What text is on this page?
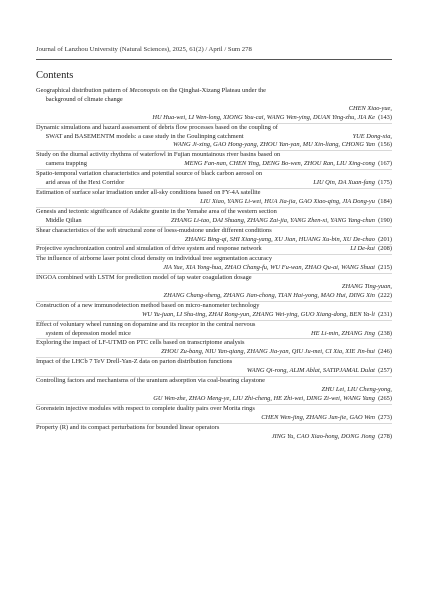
Journal of Lanzhou University (Natural Sciences), 2025, 61(2) / April / Sum 278
Contents
Geographical distribution pattern of Meconopsis on the Qinghai-Xizang Plateau under the
background of climate change
CHEN Xiao-yue,
HU Hua-wei, LI Wen-long, XIONG You-cai, WANG Wen-ying, DUAN Ying-zhu, JIA Ke  (143)
Dynamic simulations and hazard assessment of debris flow processes based on the coupling of
SWAT and BASEMENTM models: a case study in the Goulinping catchment	YUE Dong-xia,
WANG Ji-xing, GAO Hong-yang, ZHOU Yan-yan, MU Xin-liang, CHONG Yan  (156)
Study on the diurnal activity rhythms of waterfowl in Fujian mountainous river basins based on
camera trapping	MENG Fan-nan, CHEN Ying, DENG Bo-wen, ZHOU Ran, LIU Xing-cong  (167)
Spatio-temporal variation characteristics and potential source of black carbon aerosol on
arid areas of the Hexi Corridor	LIU Qin, DA Xuan-fang  (175)
Estimation of surface solar irradiation under all-sky conditions based on FY-4A satellite
LIU Xiao, YANG Li-wei, HUA Jia-jia, GAO Xiao-qing, JIA Dong-yu  (184)
Genesis and tectonic significance of Adakite granite in the Yemahe area of the western section
Middle Qilian	ZHANG Li-tao, DAI Shuang, ZHANG Zai-jia, YANG Zhen-xi, YANG Yang-chun  (190)
Shear characteristics of the soft structural zone of loess-mudstone under different conditions
ZHANG Bing-qi, SHI Xiang-yang, XU Jian, HUANG Xu-bin, XU De-chao  (201)
Projective synchronization control and simulation of drive system and response network	LI De-kui  (208)
The influence of airborne laser point cloud density on individual tree segmentation accuracy
JIA Yue, XIA Yong-hua, ZHAO Chang-fu, WU Fu-wan, ZHAO Qu-ai, WANG Shuai  (215)
INGOA combined with LSTM for prediction model of tap water coagulation dosage
ZHANG Ting-yuan,
ZHANG Chang-sheng, ZHANG Jian-chong, TIAN Hai-yong, MAO Hui, DING Xin  (222)
Construction of a new immunodetection method based on micro-nanometer technology
WU Yu-juan, LI Shu-ting, ZHAI Rong-yun, ZHANG Wei-ying, GUO Xiang-dong, BEN Ya-li  (231)
Effect of voluntary wheel running on dopamine and its receptor in the central nervous
system of depression model mice	HE Li-min, ZHANG Jing  (238)
Exploring the impact of LF-UTMD on PTC cells based on transcriptome analysis
ZHOU Zu-bang, NIU Yan-qiang, ZHANG Jia-yan, QIU Ju-mei, CI Xia, XIE Jin-hui  (246)
Impact of the LHCb 7 TeV Drell-Yan-Z data on parton distribution functions
WANG Qi-rong, ALIM Ablat, SATIPJAMAL Dulat  (257)
Controlling factors and mechanisms of the uranium adsorption via coal-bearing claystone
ZHU Lei, LIU Cheng-yong,
GU Wen-zhe, ZHAO Meng-ye, LIU Zhi-cheng, HE Zhi-wei, DING Zi-wei, WANG Yang  (265)
Gorenstein injective modules with respect to complete duality pairs over Morita rings
CHEN Wen-jing, ZHANG Jun-jie, GAO Wen  (273)
Property (R) and its compact perturbations for bounded linear operators
JING Yu, CAO Xiao-hong, DONG Jiong  (278)
